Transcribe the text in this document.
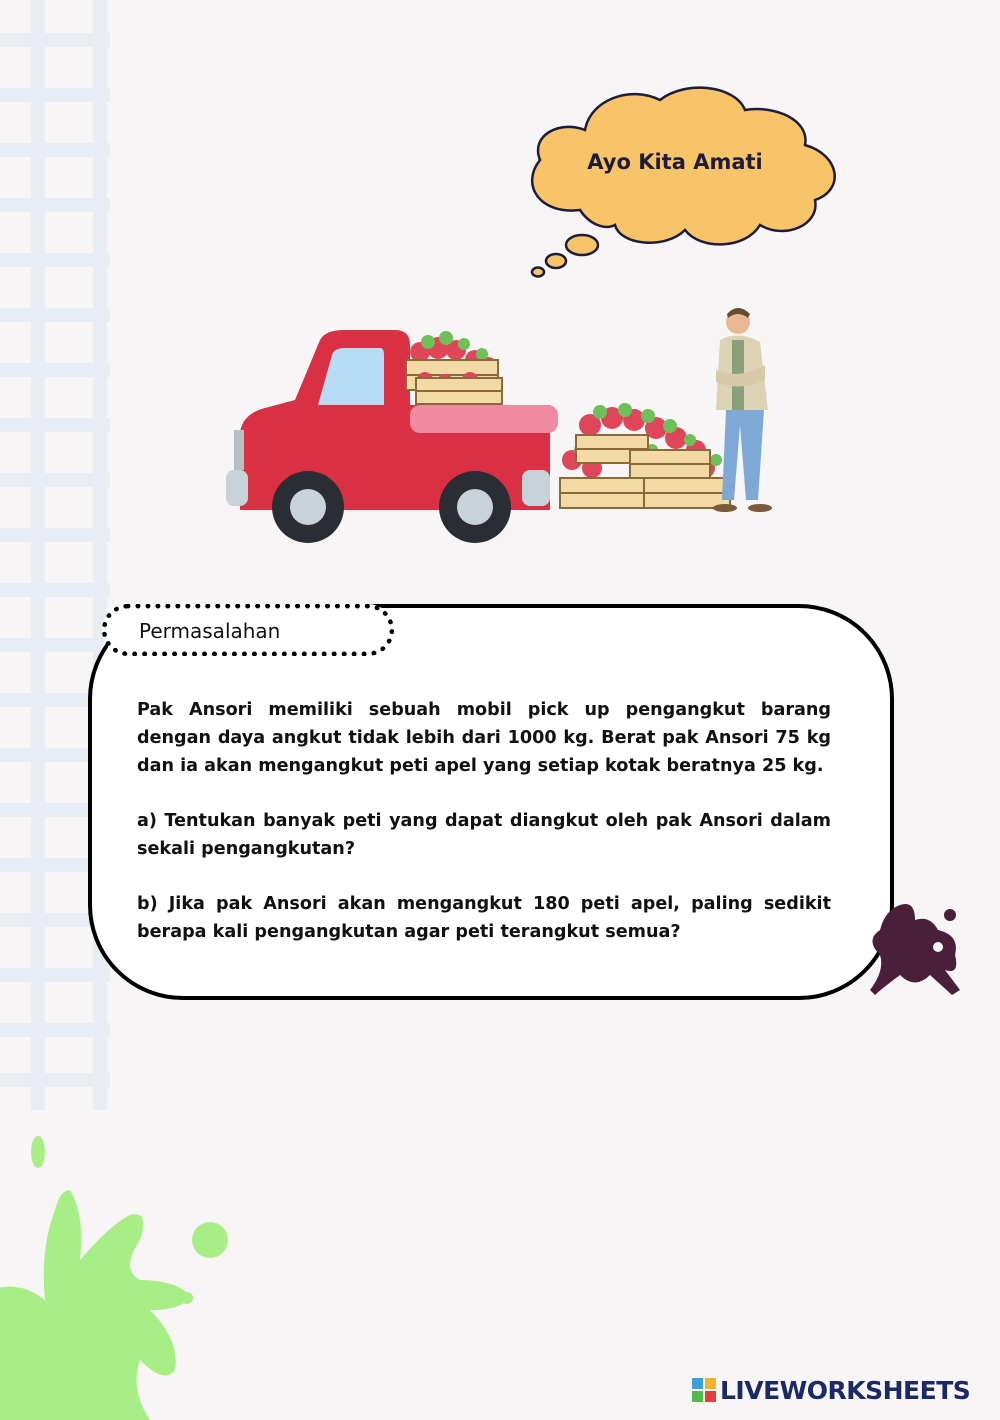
Ayo Kita Amati
Permasalahan

Pak Ansori memiliki sebuah mobil pick up pengangkut barang dengan daya angkut tidak lebih dari 1000 kg. Berat pak Ansori 75 kg dan ia akan mengangkut peti apel yang setiap kotak beratnya 25 kg.

a) Tentukan banyak peti yang dapat diangkut oleh pak Ansori dalam sekali pengangkutan?

b) Jika pak Ansori akan mengangkut 180 peti apel, paling sedikit berapa kali pengangkutan agar peti terangkut semua?

LIVEWORKSHEETS
